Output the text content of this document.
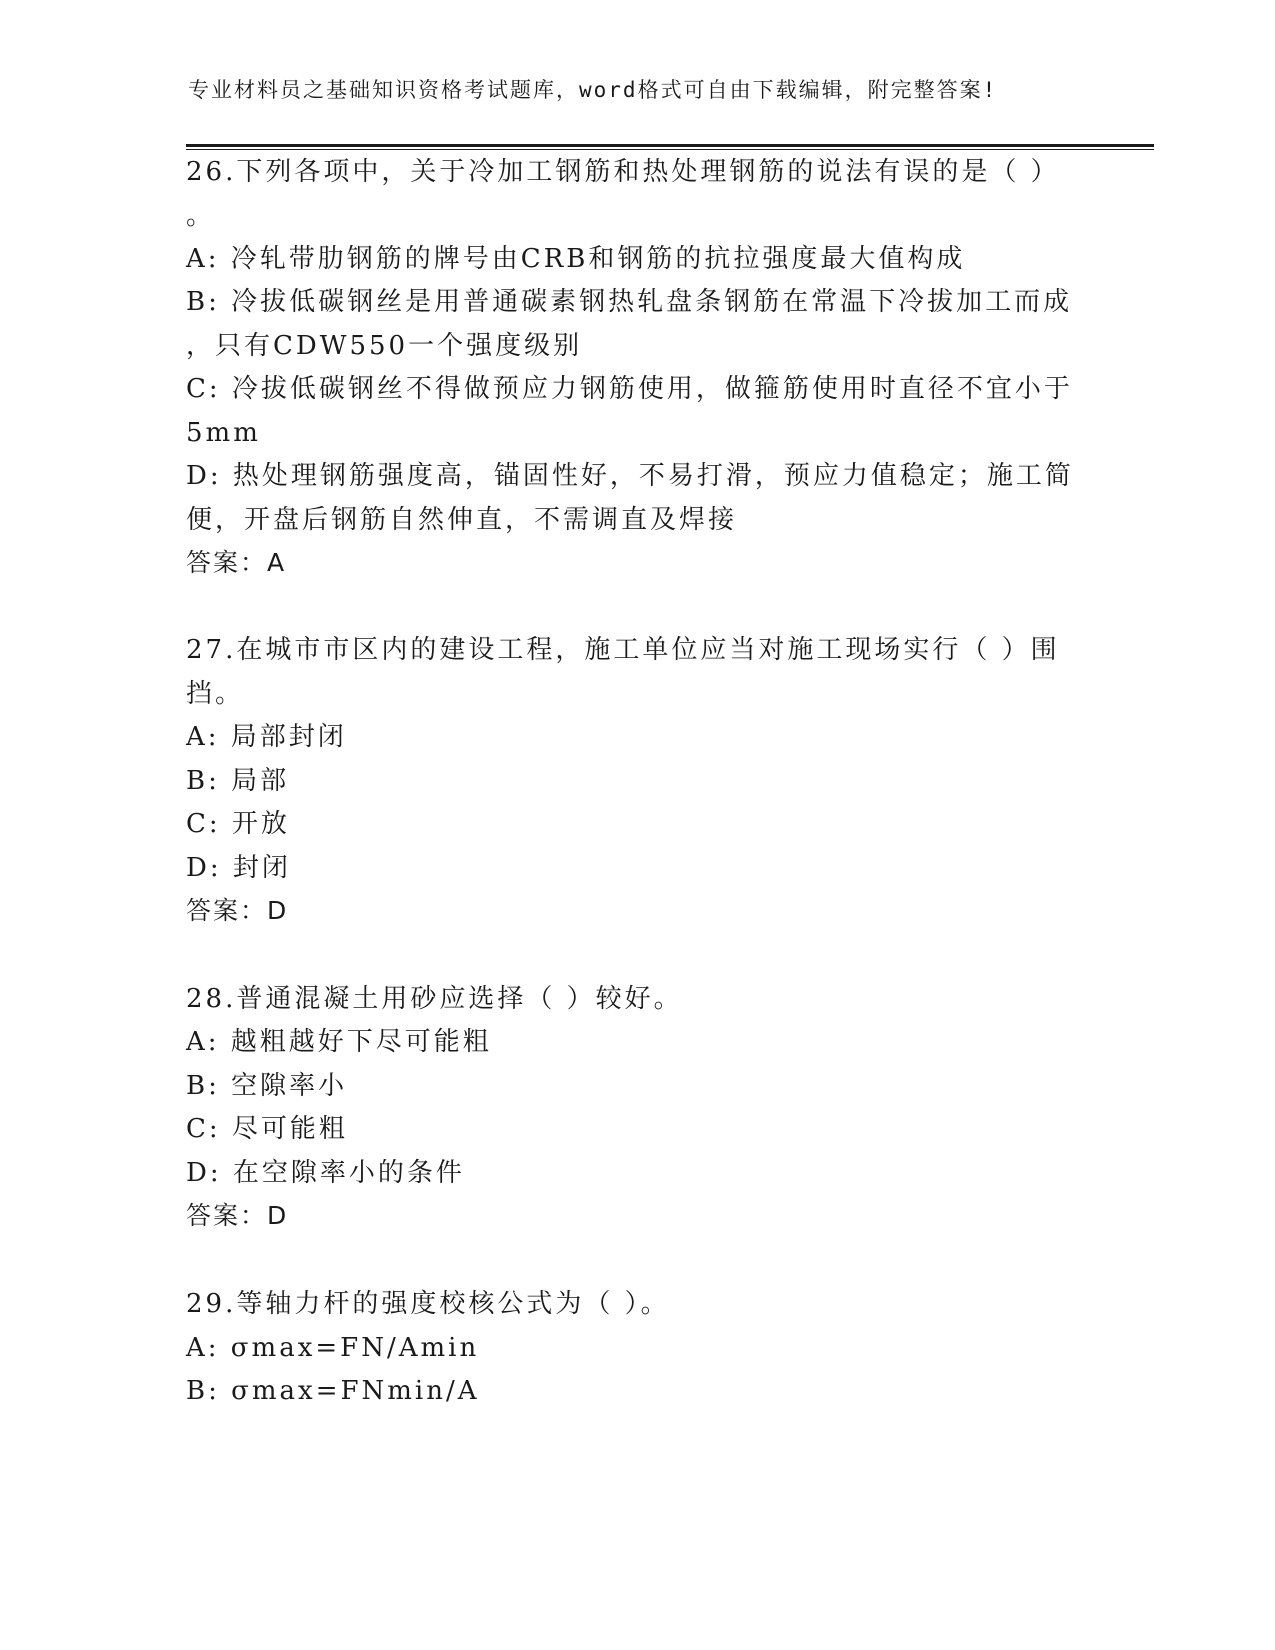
专业材料员之基础知识资格考试题库，word格式可自由下载编辑，附完整答案!
26.下列各项中，关于冷加工钢筋和热处理钢筋的说法有误的是（ ）
。
A: 冷轧带肋钢筋的牌号由CRB和钢筋的抗拉强度最大值构成
B: 冷拔低碳钢丝是用普通碳素钢热轧盘条钢筋在常温下冷拔加工而成
，只有CDW550一个强度级别
C: 冷拔低碳钢丝不得做预应力钢筋使用，做箍筋使用时直径不宜小于
5mm
D: 热处理钢筋强度高，锚固性好，不易打滑，预应力值稳定；施工简
便，开盘后钢筋自然伸直，不需调直及焊接
答案：A
27.在城市市区内的建设工程，施工单位应当对施工现场实行（ ）围
挡。
A: 局部封闭
B: 局部
C: 开放
D: 封闭
答案：D
28.普通混凝土用砂应选择（ ）较好。
A: 越粗越好下尽可能粗
B: 空隙率小
C: 尽可能粗
D: 在空隙率小的条件
答案：D
29.等轴力杆的强度校核公式为（ ）。
A: σmax=FN/Amin
B: σmax=FNmin/A
